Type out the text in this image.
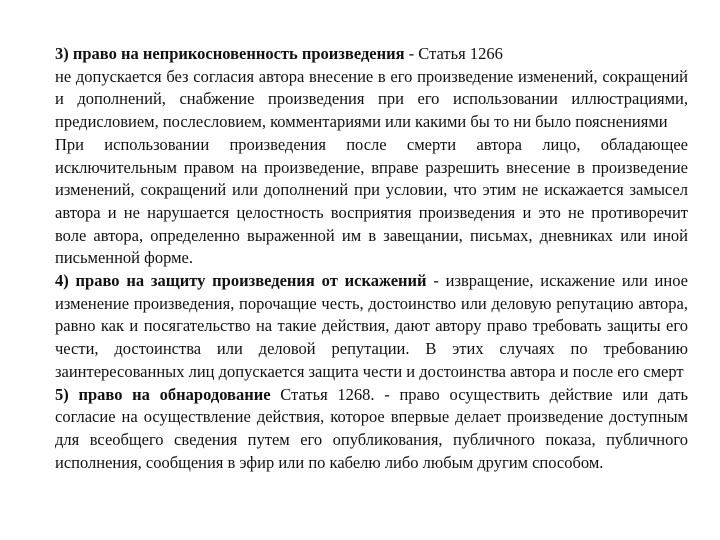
3) право на неприкосновенность произведения - Статья 1266

не допускается без согласия автора внесение в его произведение изменений, сокращений и дополнений, снабжение произведения при его использовании иллюстрациями, предисловием, послесловием, комментариями или какими бы то ни было пояснениями

При использовании произведения после смерти автора лицо, обладающее исключительным правом на произведение, вправе разрешить внесение в произведение изменений, сокращений или дополнений при условии, что этим не искажается замысел автора и не нарушается целостность восприятия произведения и это не противоречит воле автора, определенно выраженной им в завещании, письмах, дневниках или иной письменной форме.

4) право на защиту произведения от искажений - извращение, искажение или иное изменение произведения, порочащие честь, достоинство или деловую репутацию автора, равно как и посягательство на такие действия, дают автору право требовать защиты его чести, достоинства или деловой репутации. В этих случаях по требованию заинтересованных лиц допускается защита чести и достоинства автора и после его смерт

5) право на обнародование Статья 1268. - право осуществить действие или дать согласие на осуществление действия, которое впервые делает произведение доступным для всеобщего сведения путем его опубликования, публичного показа, публичного исполнения, сообщения в эфир или по кабелю либо любым другим способом.
